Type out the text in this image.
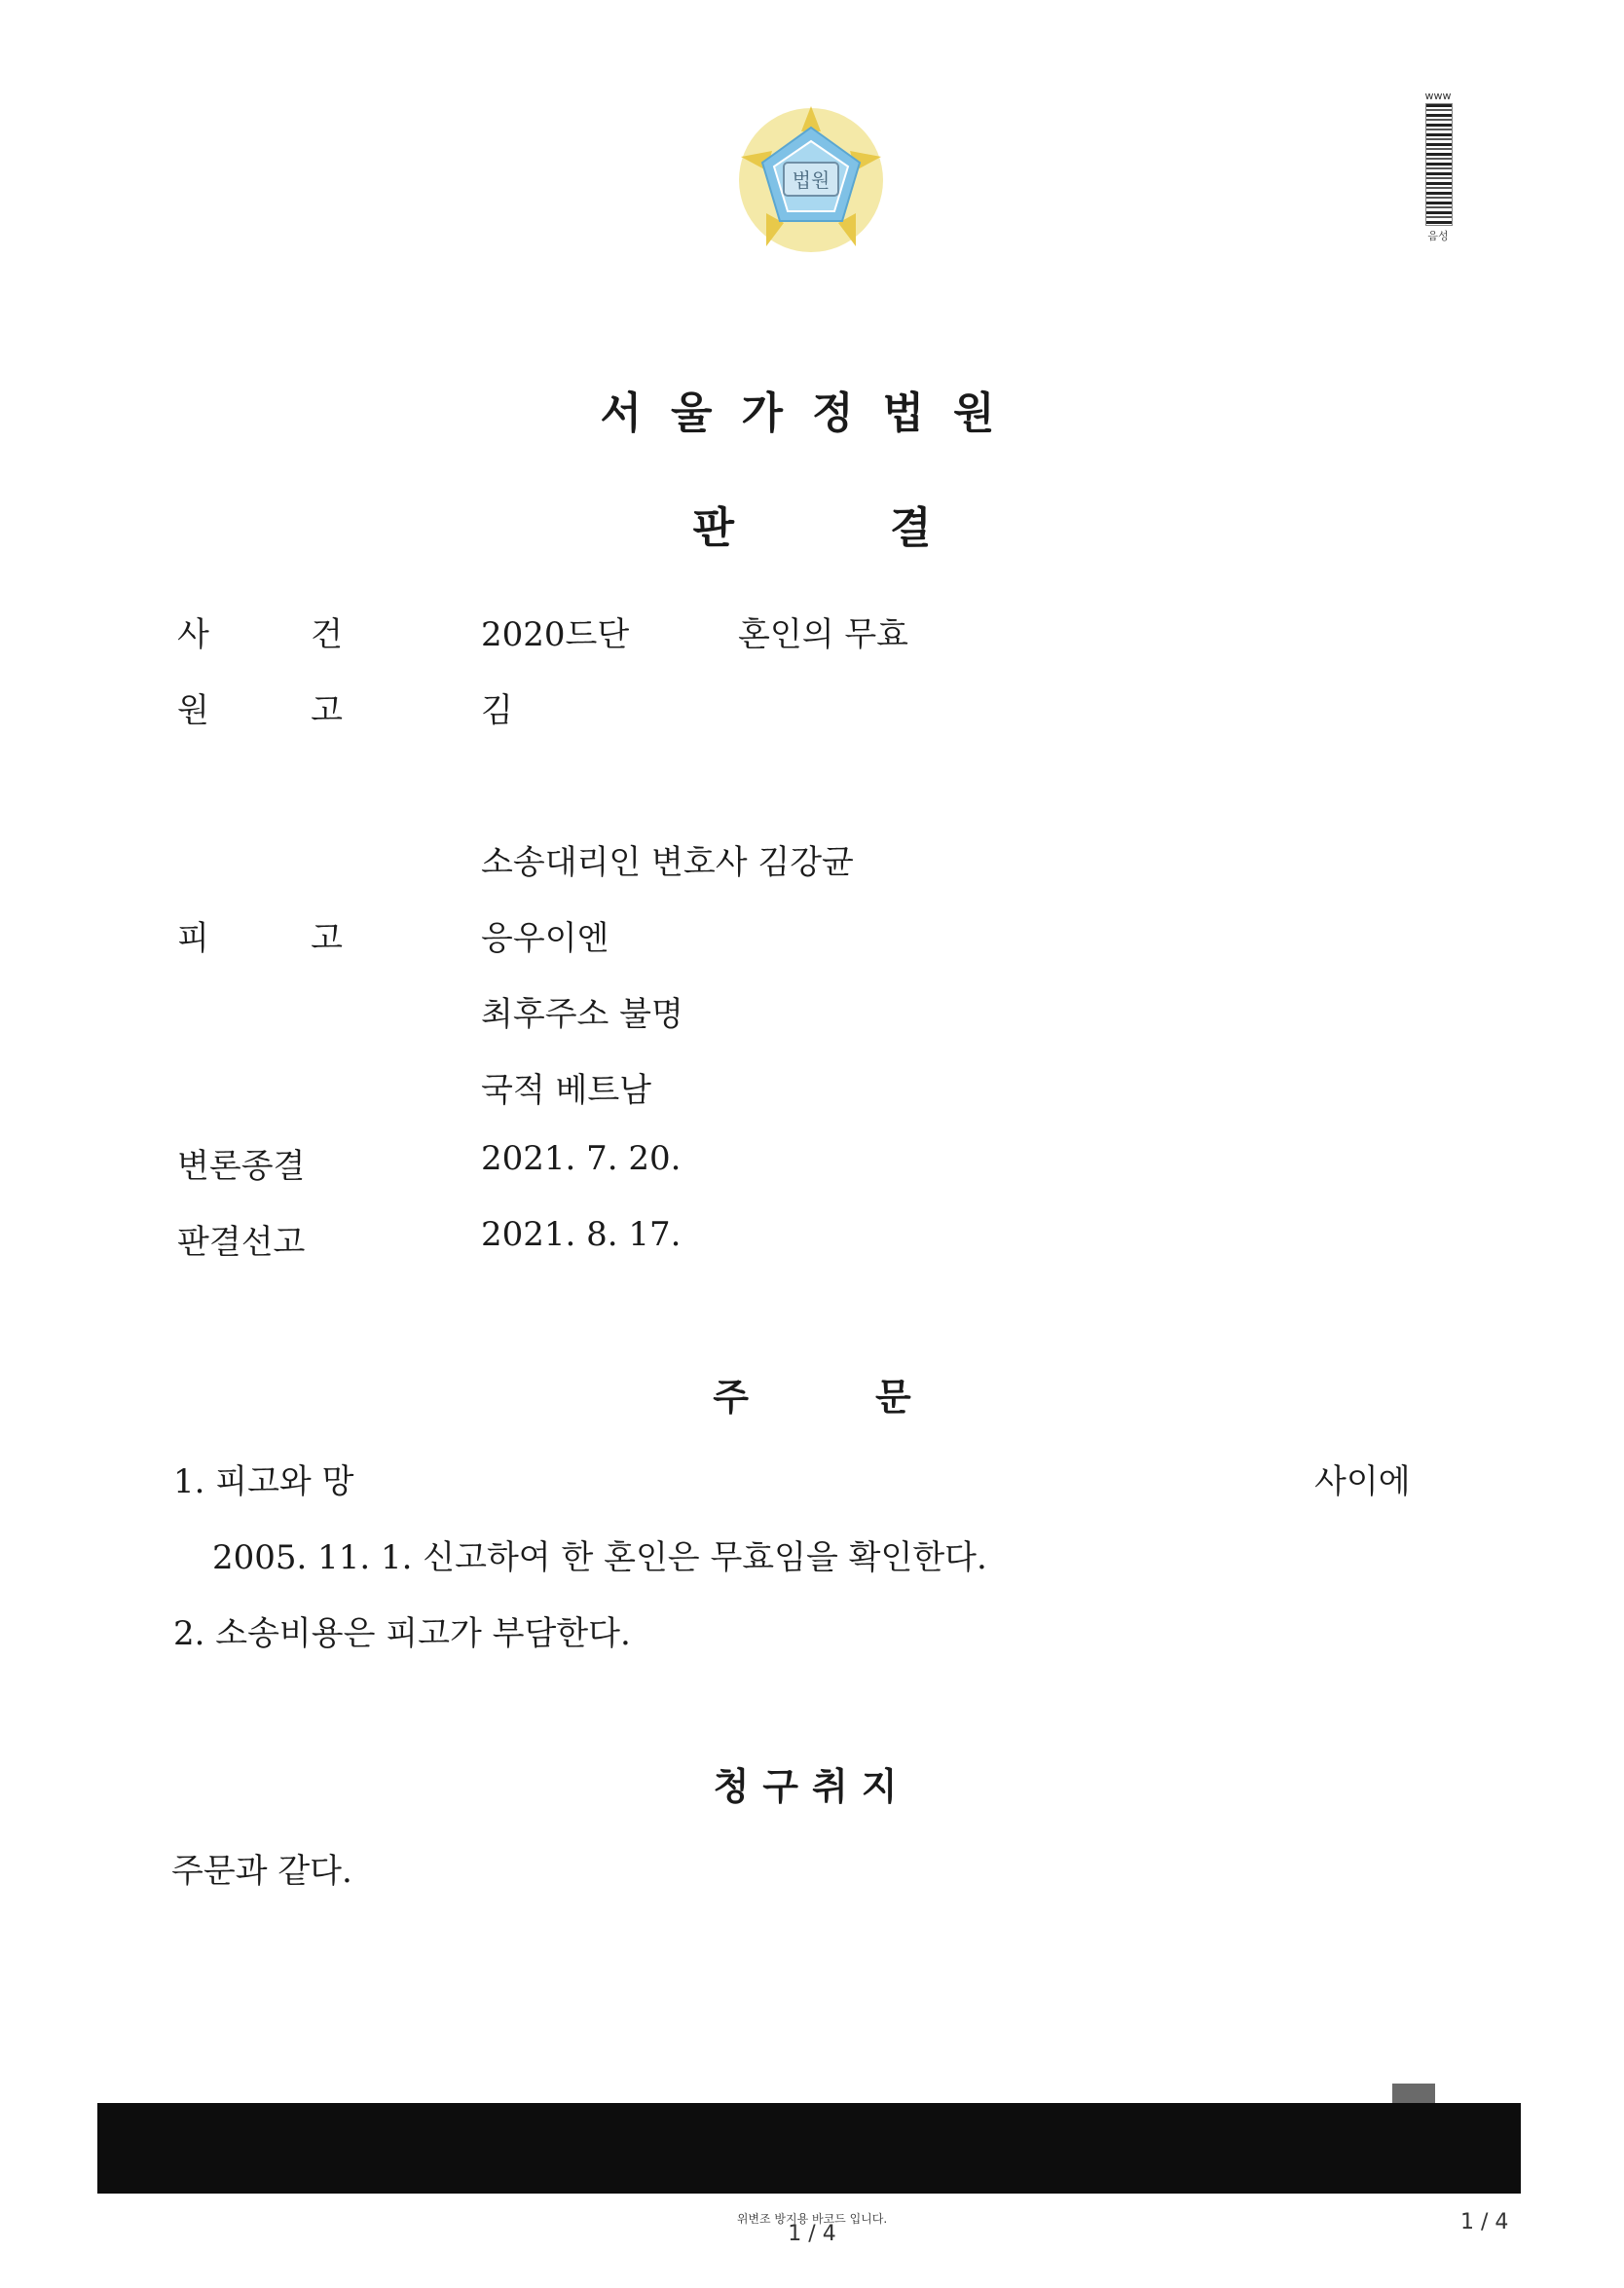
법원
www
음성
서울가정법원
판	결
사 건	2020드단	혼인의 무효
원 고	김
소송대리인 변호사 김강균
피 고	응우이엔
최후주소 불명
국적 베트남
변론종결	2021. 7. 20.
판결선고	2021. 8. 17.
주	문
1. 피고와 망	사이에
2005. 11. 1. 신고하여 한 혼인은 무효임을 확인한다.
2. 소송비용은 피고가 부담한다.
청구취지
주문과 같다.
위변조 방지용 바코드 입니다.
1 / 4	1 / 4
